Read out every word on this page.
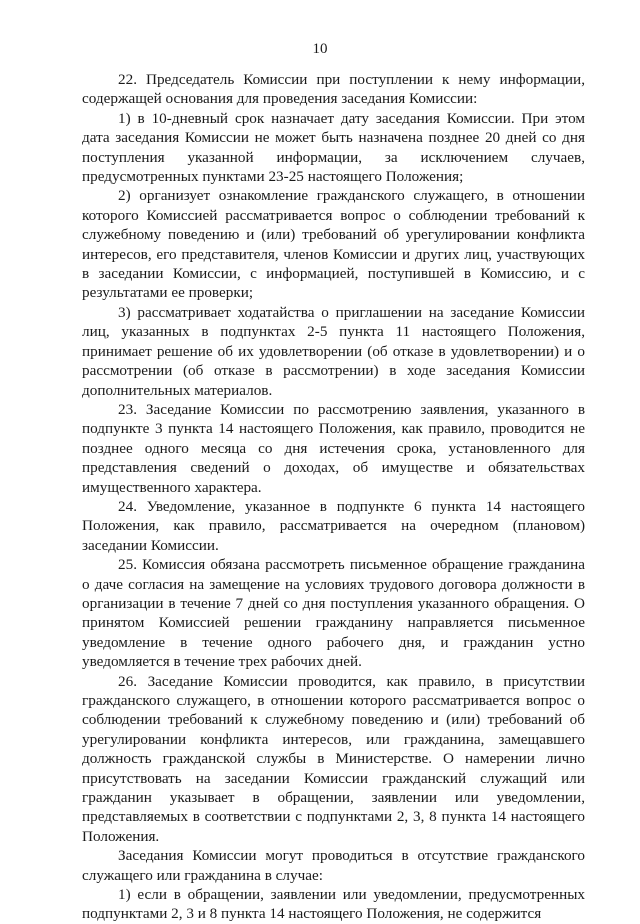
10

22. Председатель Комиссии при поступлении к нему информации, содержащей основания для проведения заседания Комиссии:

1) в 10-дневный срок назначает дату заседания Комиссии. При этом дата заседания Комиссии не может быть назначена позднее 20 дней со дня поступления указанной информации, за исключением случаев, предусмотренных пунктами 23-25 настоящего Положения;

2) организует ознакомление гражданского служащего, в отношении которого Комиссией рассматривается вопрос о соблюдении требований к служебному поведению и (или) требований об урегулировании конфликта интересов, его представителя, членов Комиссии и других лиц, участвующих в заседании Комиссии, с информацией, поступившей в Комиссию, и с результатами ее проверки;

3) рассматривает ходатайства о приглашении на заседание Комиссии лиц, указанных в подпунктах 2-5 пункта 11 настоящего Положения, принимает решение об их удовлетворении (об отказе в удовлетворении) и о рассмотрении (об отказе в рассмотрении) в ходе заседания Комиссии дополнительных материалов.

23. Заседание Комиссии по рассмотрению заявления, указанного в подпункте 3 пункта 14 настоящего Положения, как правило, проводится не позднее одного месяца со дня истечения срока, установленного для представления сведений о доходах, об имуществе и обязательствах имущественного характера.

24. Уведомление, указанное в подпункте 6 пункта 14 настоящего Положения, как правило, рассматривается на очередном (плановом) заседании Комиссии.

25. Комиссия обязана рассмотреть письменное обращение гражданина о даче согласия на замещение на условиях трудового договора должности в организации в течение 7 дней со дня поступления указанного обращения. О принятом Комиссией решении гражданину направляется письменное уведомление в течение одного рабочего дня, и гражданин устно уведомляется в течение трех рабочих дней.

26. Заседание Комиссии проводится, как правило, в присутствии гражданского служащего, в отношении которого рассматривается вопрос о соблюдении требований к служебному поведению и (или) требований об урегулировании конфликта интересов, или гражданина, замещавшего должность гражданской службы в Министерстве. О намерении лично присутствовать на заседании Комиссии гражданский служащий или гражданин указывает в обращении, заявлении или уведомлении, представляемых в соответствии с подпунктами 2, 3, 8 пункта 14 настоящего Положения.

Заседания Комиссии могут проводиться в отсутствие гражданского служащего или гражданина в случае:

1) если в обращении, заявлении или уведомлении, предусмотренных подпунктами 2, 3 и 8 пункта 14 настоящего Положения, не содержится
